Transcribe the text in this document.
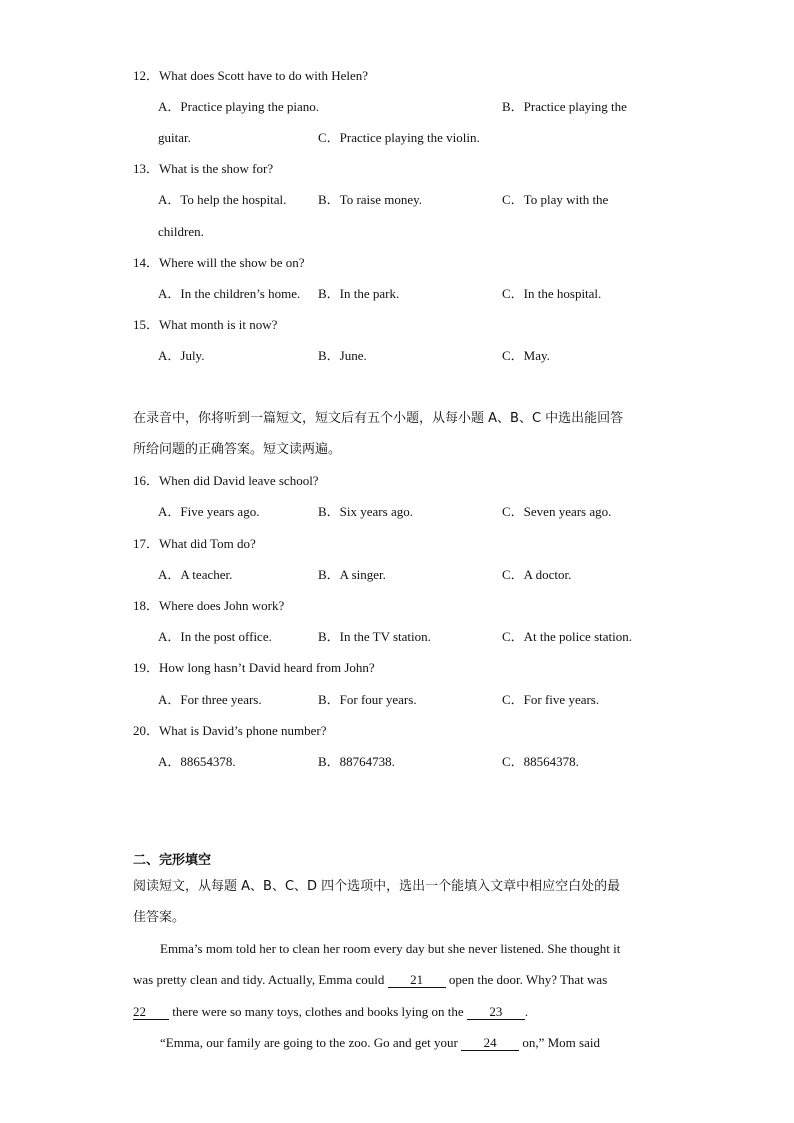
12．What does Scott have to do with Helen?
A．Practice playing the piano.	B．Practice playing the
guitar.	C．Practice playing the violin.
13．What is the show for?
A．To help the hospital. B．To raise money.	C．To play with the
children.
14．Where will the show be on?
A．In the children’s home. B．In the park.	C．In the hospital.
15．What month is it now?
A．July.	B．June.	C．May.
在录音中，你将听到一篇短文，短文后有五个小题，从每小题 A、B、C 中选出能回答
所给问题的正确答案。短文读两遍。
16．When did David leave school?
A．Five years ago.	B．Six years ago.	C．Seven years ago.
17．What did Tom do?
A．A teacher.	B．A singer.	C．A doctor.
18．Where does John work?
A．In the post office.	B．In the TV station.	C．At the police station.
19．How long hasn’t David heard from John?
A．For three years.	B．For four years.	C．For five years.
20．What is David’s phone number?
A．88654378.	B．88764738.	C．88564378.
二、完形填空
阅读短文，从每题 A、B、C、D 四个选项中，选出一个能填入文章中相应空白处的最
佳答案。
Emma’s mom told her to clean her room every day but she never listened. She thought it
was pretty clean and tidy. Actually, Emma could 21 open the door. Why? That was
22 there were so many toys, clothes and books lying on the 23 .
“Emma, our family are going to the zoo. Go and get your 24 on,” Mom said
